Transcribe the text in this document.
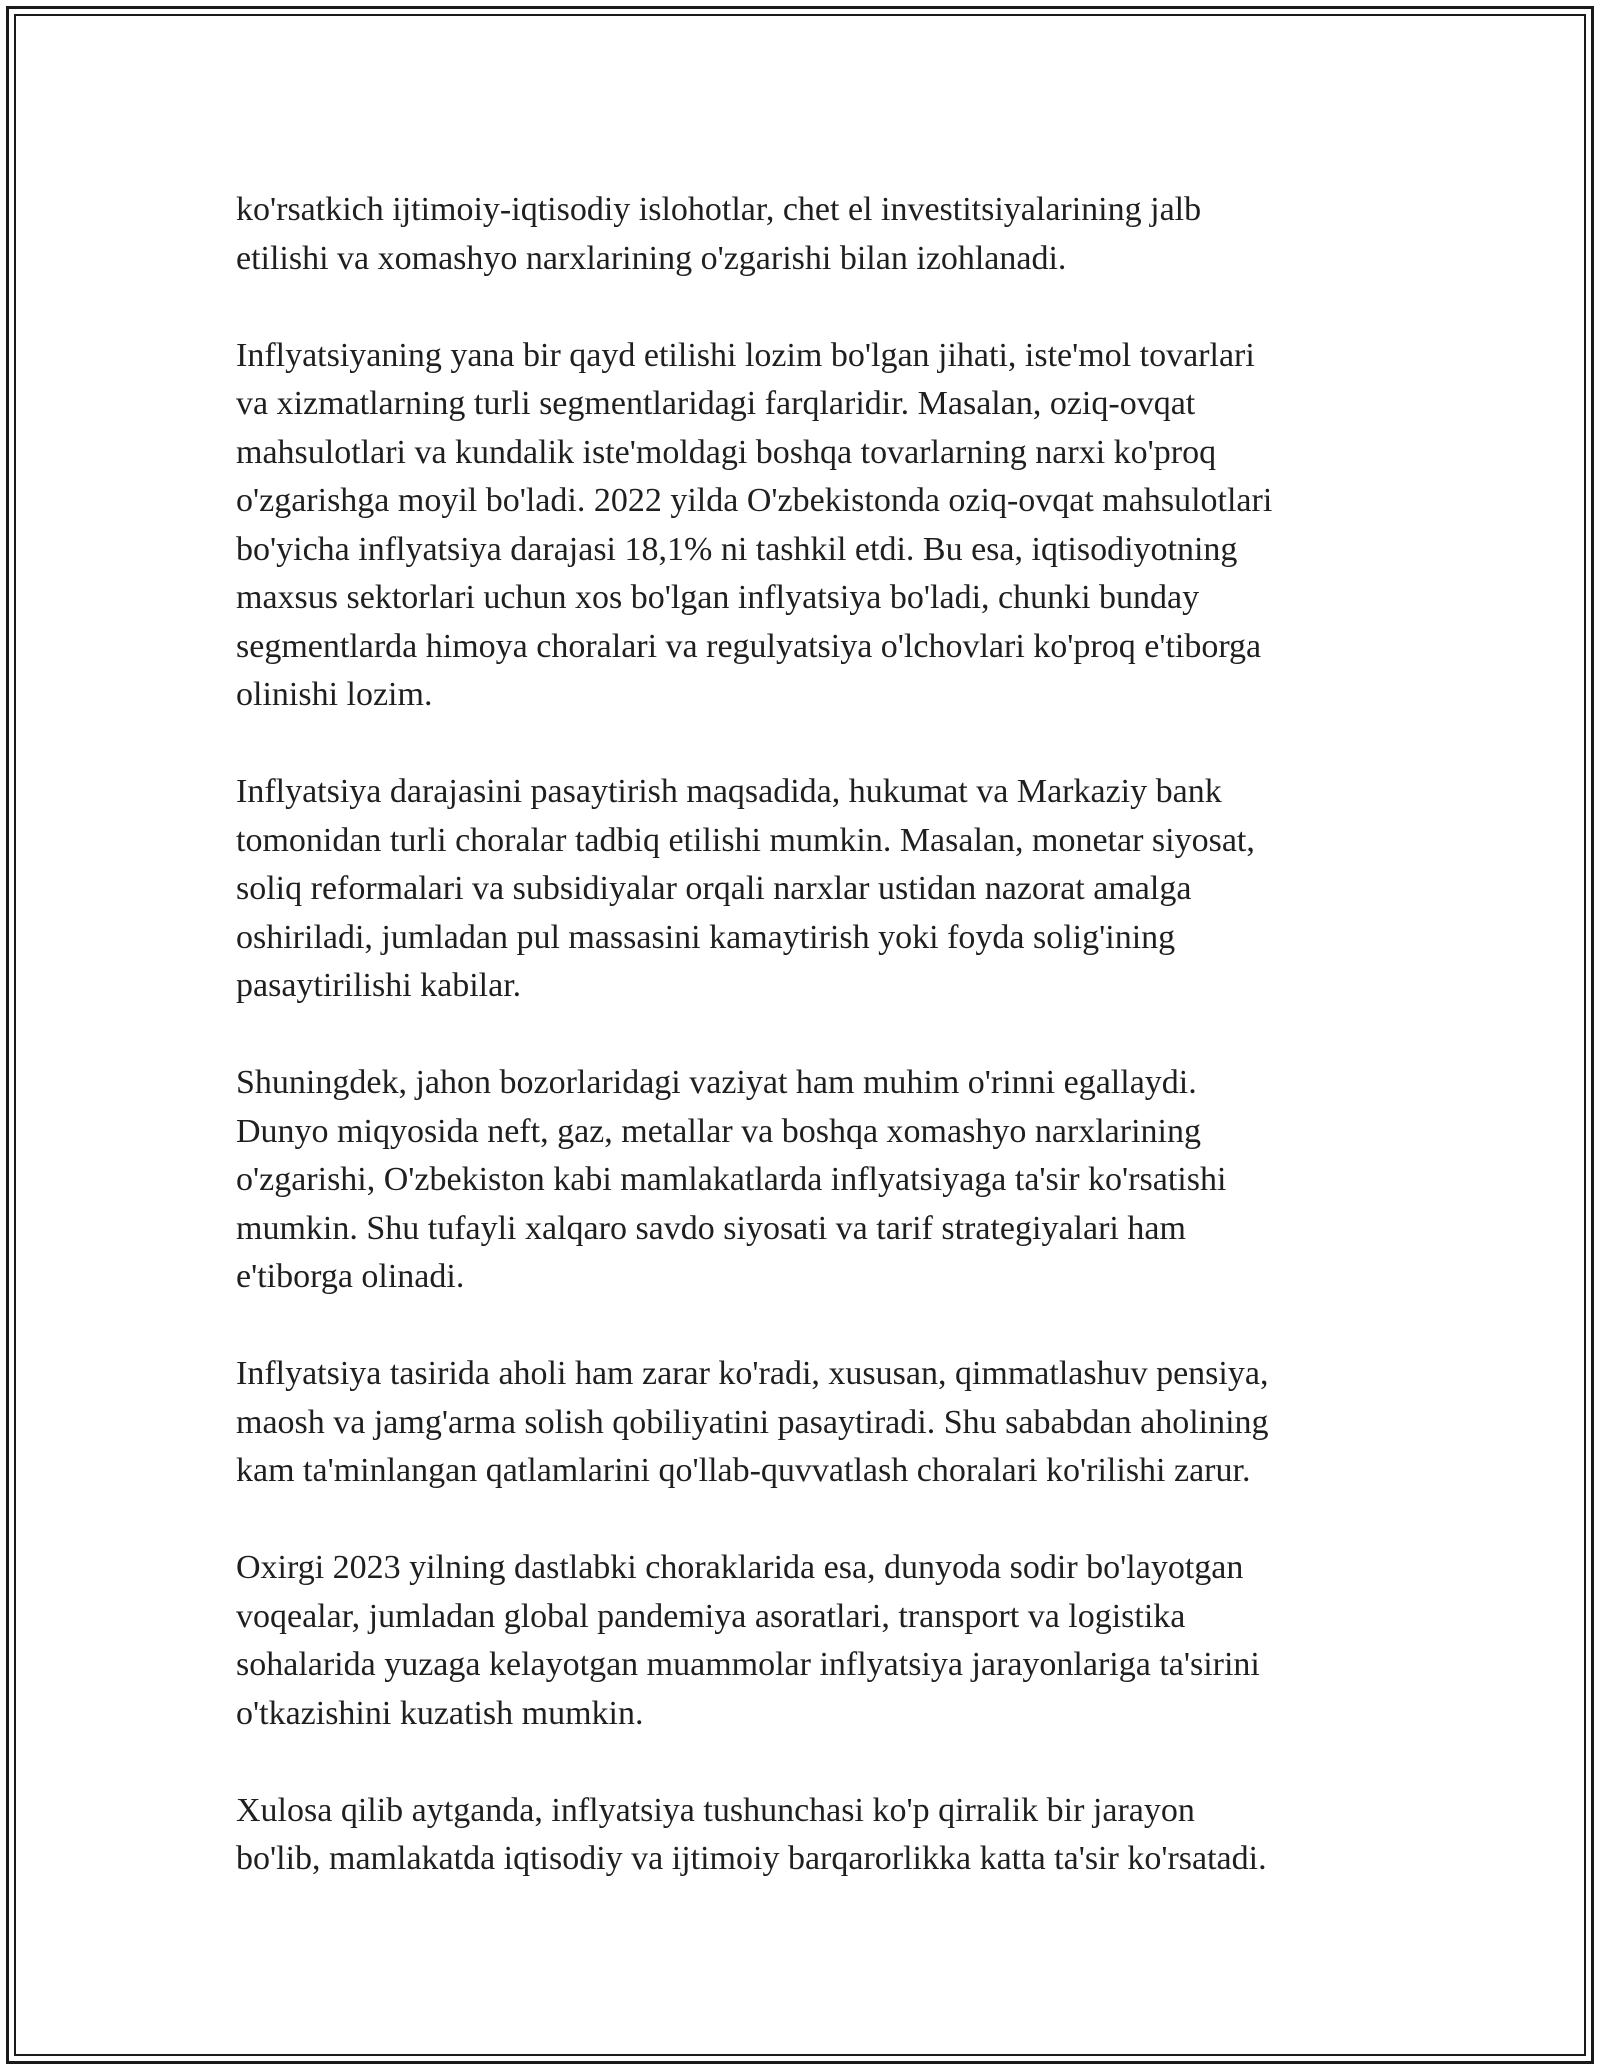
ko'rsatkich ijtimoiy-iqtisodiy islohotlar, chet el investitsiyalarining jalb
etilishi va xomashyo narxlarining o'zgarishi bilan izohlanadi.

Inflyatsiyaning yana bir qayd etilishi lozim bo'lgan jihati, iste'mol tovarlari
va xizmatlarning turli segmentlaridagi farqlaridir. Masalan, oziq-ovqat
mahsulotlari va kundalik iste'moldagi boshqa tovarlarning narxi ko'proq
o'zgarishga moyil bo'ladi. 2022 yilda O'zbekistonda oziq-ovqat mahsulotlari
bo'yicha inflyatsiya darajasi 18,1% ni tashkil etdi. Bu esa, iqtisodiyotning
maxsus sektorlari uchun xos bo'lgan inflyatsiya bo'ladi, chunki bunday
segmentlarda himoya choralari va regulyatsiya o'lchovlari ko'proq e'tiborga
olinishi lozim.

Inflyatsiya darajasini pasaytirish maqsadida, hukumat va Markaziy bank
tomonidan turli choralar tadbiq etilishi mumkin. Masalan, monetar siyosat,
soliq reformalari va subsidiyalar orqali narxlar ustidan nazorat amalga
oshiriladi, jumladan pul massasini kamaytirish yoki foyda solig'ining
pasaytirilishi kabilar.

Shuningdek, jahon bozorlaridagi vaziyat ham muhim o'rinni egallaydi.
Dunyo miqyosida neft, gaz, metallar va boshqa xomashyo narxlarining
o'zgarishi, O'zbekiston kabi mamlakatlarda inflyatsiyaga ta'sir ko'rsatishi
mumkin. Shu tufayli xalqaro savdo siyosati va tarif strategiyalari ham
e'tiborga olinadi.

Inflyatsiya tasirida aholi ham zarar ko'radi, xususan, qimmatlashuv pensiya,
maosh va jamg'arma solish qobiliyatini pasaytiradi. Shu sababdan aholining
kam ta'minlangan qatlamlarini qo'llab-quvvatlash choralari ko'rilishi zarur.

Oxirgi 2023 yilning dastlabki choraklarida esa, dunyoda sodir bo'layotgan
voqealar, jumladan global pandemiya asoratlari, transport va logistika
sohalarida yuzaga kelayotgan muammolar inflyatsiya jarayonlariga ta'sirini
o'tkazishini kuzatish mumkin.

Xulosa qilib aytganda, inflyatsiya tushunchasi ko'p qirralik bir jarayon
bo'lib, mamlakatda iqtisodiy va ijtimoiy barqarorlikka katta ta'sir ko'rsatadi.
